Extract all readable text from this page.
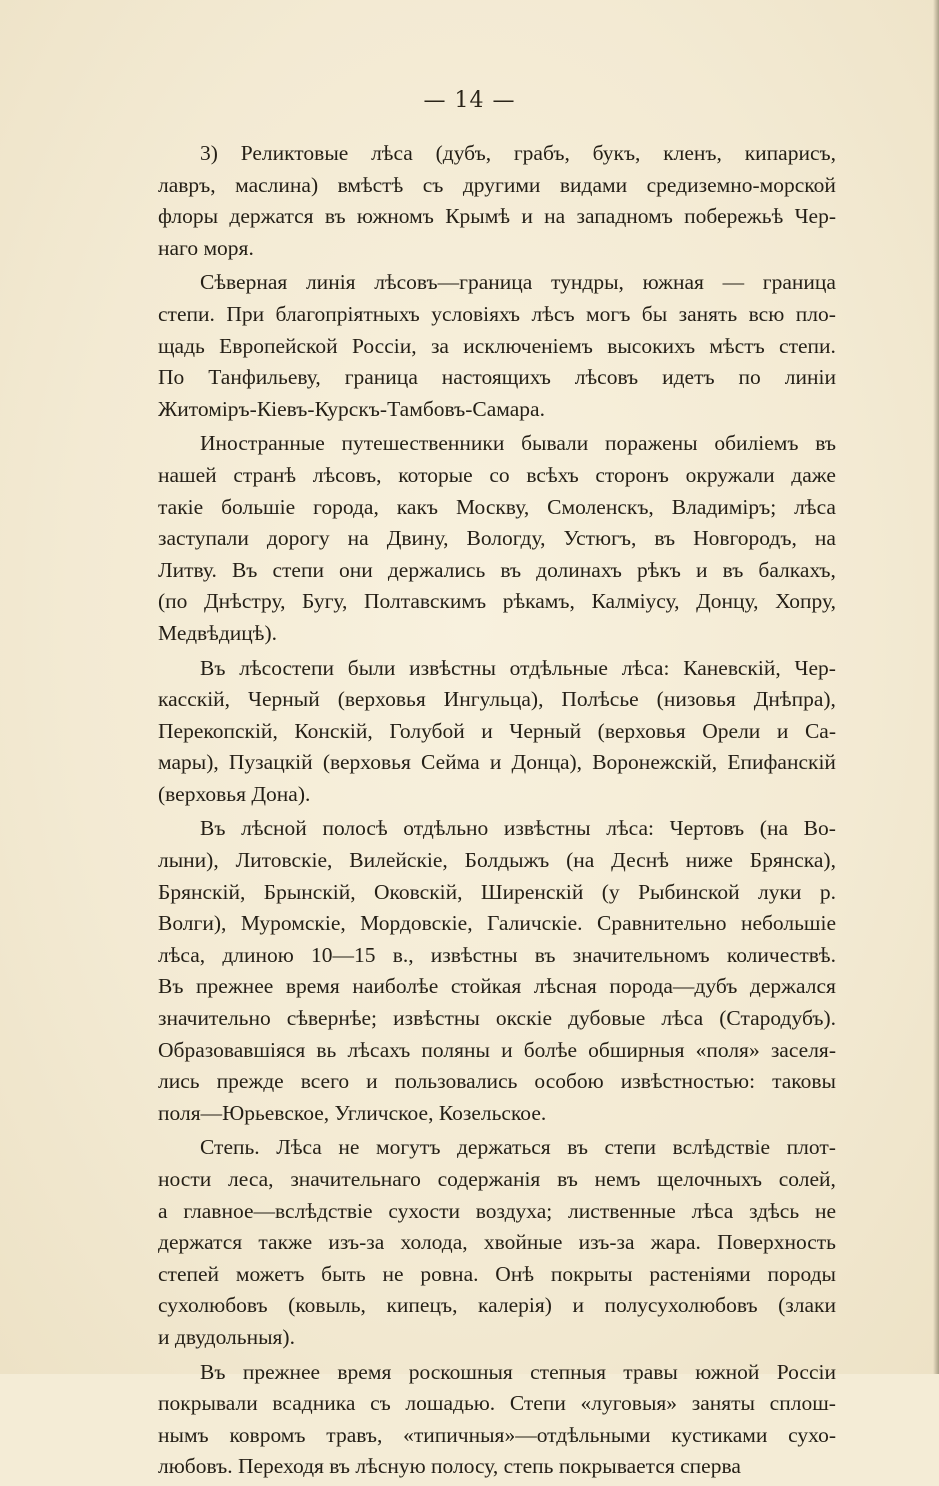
— 14 —

3) Реликтовые лѣса (дубъ, грабъ, букъ, кленъ, кипарисъ,
лавръ, маслина) вмѣстѣ съ другими видами средиземно-морской
флоры держатся въ южномъ Крымѣ и на западномъ побережьѣ Чер-
наго моря.

Сѣверная линія лѣсовъ—граница тундры, южная — граница
степи. При благопріятныхъ условіяхъ лѣсъ могъ бы занять всю пло-
щадь Европейской Россіи, за исключеніемъ высокихъ мѣстъ степи.
По Танфильеву, граница настоящихъ лѣсовъ идетъ по линіи
Житоміръ-Кіевъ-Курскъ-Тамбовъ-Самара.

Иностранные путешественники бывали поражены обиліемъ въ
нашей странѣ лѣсовъ, которые со всѣхъ сторонъ окружали даже
такіе большіе города, какъ Москву, Смоленскъ, Владиміръ; лѣса
заступали дорогу на Двину, Вологду, Устюгъ, въ Новгородъ, на
Литву. Въ степи они держались въ долинахъ рѣкъ и въ балкахъ,
(по Днѣстру, Бугу, Полтавскимъ рѣкамъ, Калміусу, Донцу, Хопру,
Медвѣдицѣ).

Въ лѣсостепи были извѣстны отдѣльные лѣса: Каневскій, Чер-
касскій, Черный (верховья Ингульца), Полѣсье (низовья Днѣпра),
Перекопскій, Конскій, Голубой и Черный (верховья Орели и Са-
мары), Пузацкій (верховья Сейма и Донца), Воронежскій, Епифанскій
(верховья Дона).

Въ лѣсной полосѣ отдѣльно извѣстны лѣса: Чертовъ (на Во-
лыни), Литовскіе, Вилейскіе, Болдыжъ (на Деснѣ ниже Брянска),
Брянскій, Брынскій, Оковскій, Ширенскій (у Рыбинской луки р.
Волги), Муромскіе, Мордовскіе, Галичскіе. Сравнительно небольшіе
лѣса, длиною 10—15 в., извѣстны въ значительномъ количествѣ.
Въ прежнее время наиболѣе стойкая лѣсная порода—дубъ держался
значительно сѣвернѣе; извѣстны окскіе дубовые лѣса (Стародубъ).
Образовавшіяся вь лѣсахъ поляны и болѣе обширныя «поля» заселя-
лись прежде всего и пользовались особою извѣстностью: таковы
поля—Юрьевское, Угличское, Козельское.

Степь. Лѣса не могутъ держаться въ степи вслѣдствіе плот-
ности леса, значительнаго содержанія въ немъ щелочныхъ солей,
а главное—вслѣдствіе сухости воздуха; лиственные лѣса здѣсь не
держатся также изъ-за холода, хвойные изъ-за жара. Поверхность
степей можетъ быть не ровна. Онѣ покрыты растеніями породы
сухолюбовъ (ковыль, кипецъ, калерія) и полусухолюбовъ (злаки
и двудольныя).

Въ прежнее время роскошныя степныя травы южной Россіи
покрывали всадника съ лошадью. Степи «луговыя» заняты сплош-
нымъ ковромъ травъ, «типичныя»—отдѣльными кустиками сухо-
любовъ. Переходя въ лѣсную полосу, степь покрывается сперва
